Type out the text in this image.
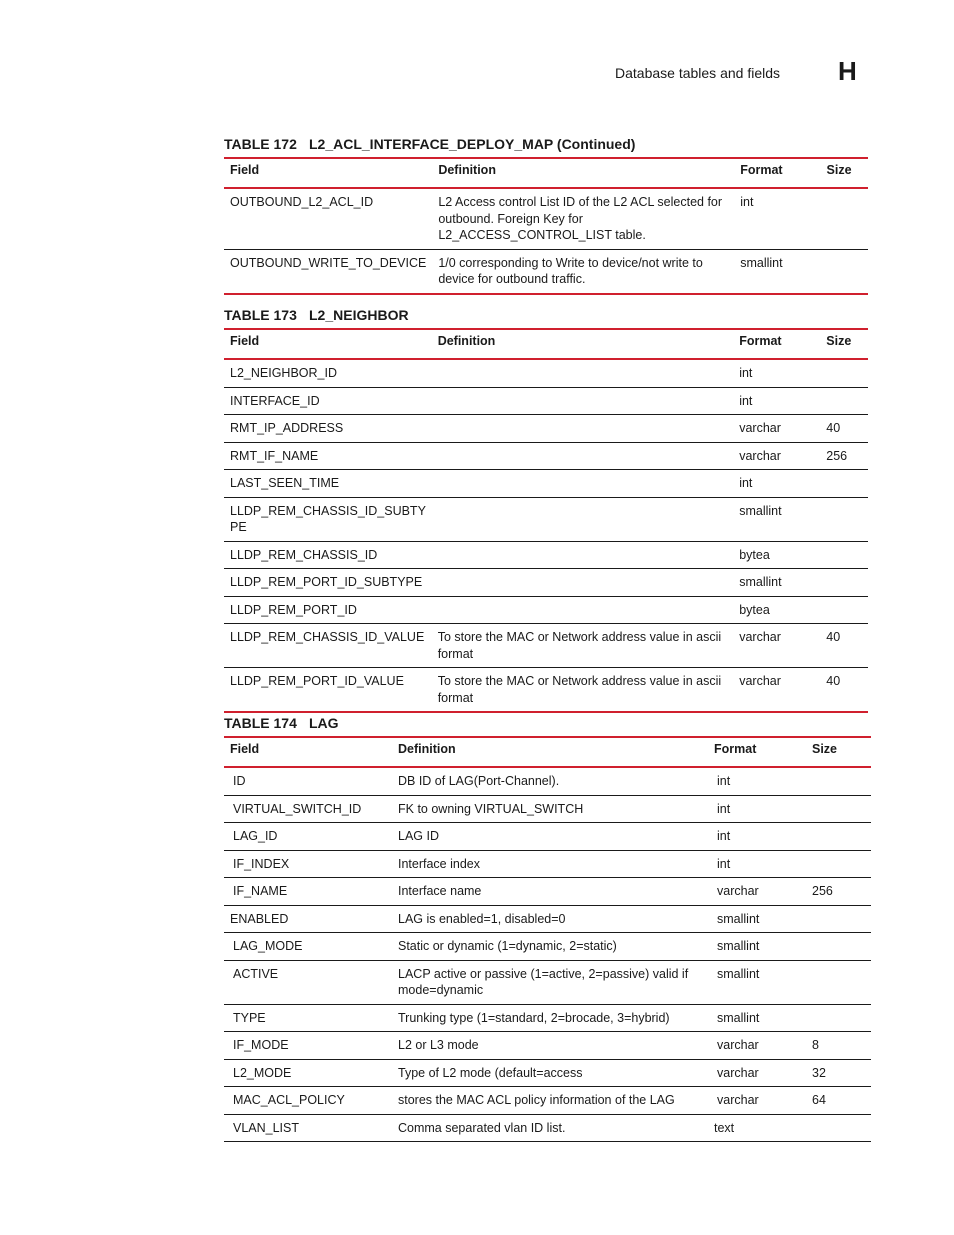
Database tables and fields H
TABLE 172 L2_ACL_INTERFACE_DEPLOY_MAP (Continued)
Field	Definition	Format	Size
OUTBOUND_L2_ACL_ID	L2 Access control List ID of the L2 ACL selected for outbound. Foreign Key for L2_ACCESS_CONTROL_LIST table.	int	
OUTBOUND_WRITE_TO_DEVICE	1/0 corresponding to Write to device/not write to device for outbound traffic.	smallint	
TABLE 173 L2_NEIGHBOR
Field	Definition	Format	Size
L2_NEIGHBOR_ID		int	
INTERFACE_ID		int	
RMT_IP_ADDRESS		varchar	40
RMT_IF_NAME		varchar	256
LAST_SEEN_TIME		int	
LLDP_REM_CHASSIS_ID_SUBTY PE		smallint	
LLDP_REM_CHASSIS_ID		bytea	
LLDP_REM_PORT_ID_SUBTYPE		smallint	
LLDP_REM_PORT_ID		bytea	
LLDP_REM_CHASSIS_ID_VALUE	To store the MAC or Network address value in ascii format	varchar	40
LLDP_REM_PORT_ID_VALUE	To store the MAC or Network address value in ascii format	varchar	40
TABLE 174 LAG
Field	Definition	Format	Size
ID	DB ID of LAG(Port-Channel).	int	
VIRTUAL_SWITCH_ID	FK to owning VIRTUAL_SWITCH	int	
LAG_ID	LAG ID	int	
IF_INDEX	Interface index	int	
IF_NAME	Interface name	varchar	256
ENABLED	LAG is enabled=1, disabled=0	smallint	
LAG_MODE	Static or dynamic (1=dynamic, 2=static)	smallint	
ACTIVE	LACP active or passive (1=active, 2=passive) valid if mode=dynamic	smallint	
TYPE	Trunking type (1=standard, 2=brocade, 3=hybrid)	smallint	
IF_MODE	L2 or L3 mode	varchar	8
L2_MODE	Type of L2 mode (default=access	varchar	32
MAC_ACL_POLICY	stores the MAC ACL policy information of the LAG	varchar	64
VLAN_LIST	Comma separated vlan ID list.	text	
